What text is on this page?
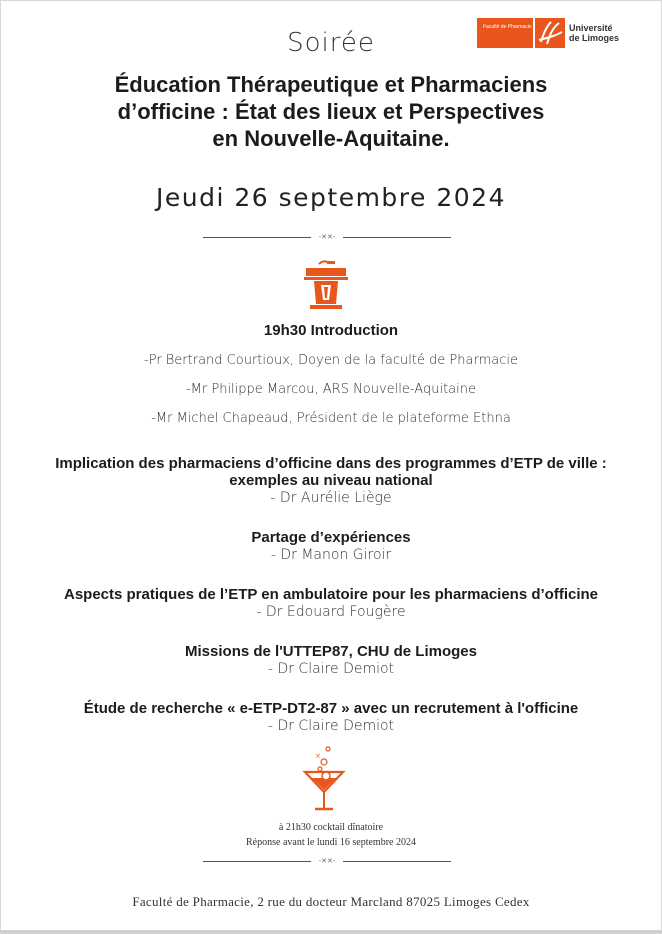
Faculté de Pharmacie	Université
de Limoges
Soirée
Éducation Thérapeutique et Pharmaciens
d’officine : État des lieux et Perspectives
en Nouvelle-Aquitaine.
Jeudi 26 septembre 2024
-✕✕-
19h30 Introduction
-Pr Bertrand Courtioux, Doyen de la faculté de Pharmacie
-Mr Philippe Marcou, ARS Nouvelle-Aquitaine
-Mr Michel Chapeaud, Président de le plateforme Ethna
Implication des pharmaciens d’officine dans des programmes d’ETP de ville :
exemples au niveau national
- Dr Aurélie Liège
Partage d’expériences
- Dr Manon Giroir
Aspects pratiques de l’ETP en ambulatoire pour les pharmaciens d’officine
- Dr Edouard Fougère
Missions de l'UTTEP87, CHU de Limoges
- Dr Claire Demiot
Étude de recherche « e-ETP-DT2-87 » avec un recrutement à l'officine
- Dr Claire Demiot
×
à 21h30 cocktail dînatoire
Réponse avant le lundi 16 septembre 2024
-✕✕-
Faculté de Pharmacie, 2 rue du docteur Marcland 87025 Limoges Cedex
